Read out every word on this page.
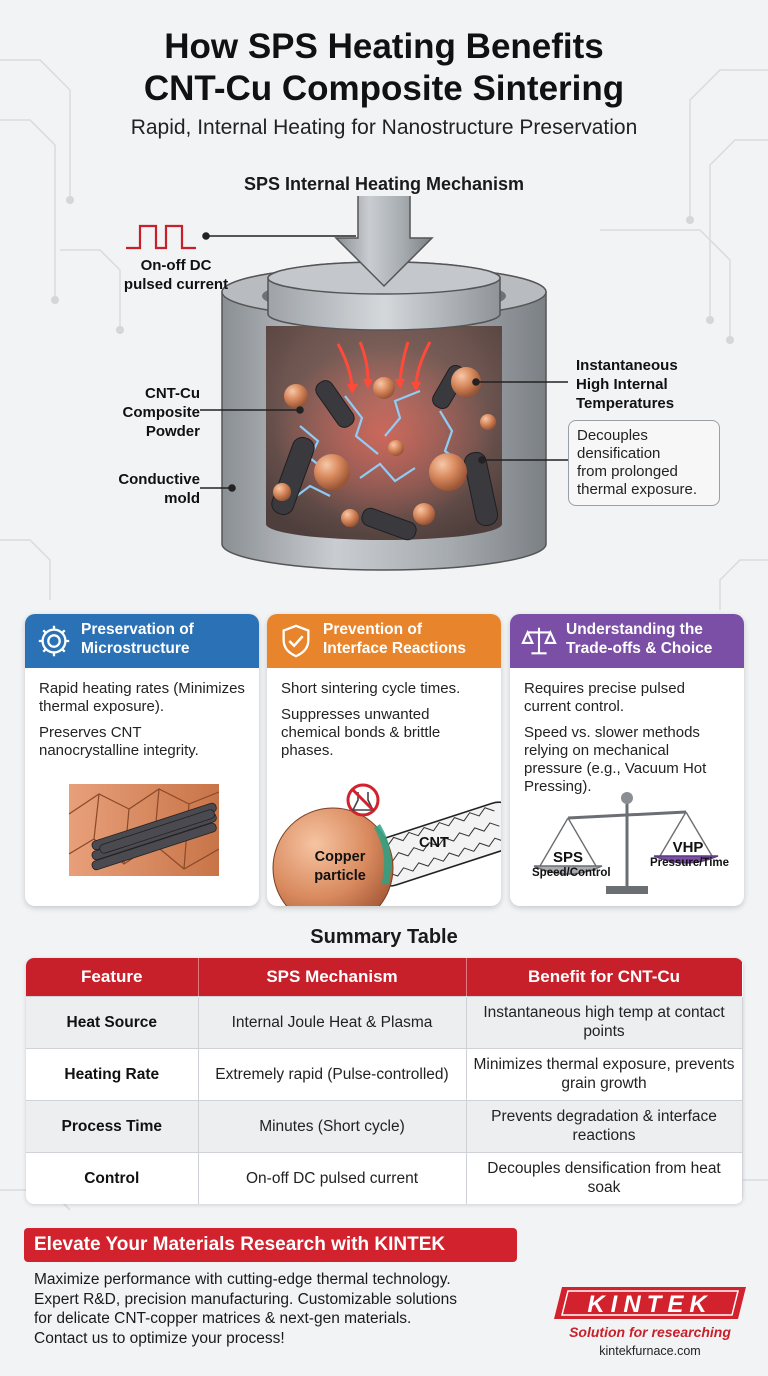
How SPS Heating Benefits
CNT-Cu Composite Sintering
Rapid, Internal Heating for Nanostructure Preservation
SPS Internal Heating Mechanism
On-off DC
pulsed current
CNT-Cu
Composite
Powder
Conductive
mold
Instantaneous
High Internal
Temperatures
Decouples
densification
from prolonged
thermal exposure.
Preservation of
Microstructure

Rapid heating rates (Minimizes thermal exposure).

Preserves CNT nanocrystalline integrity.

Prevention of
Interface Reactions

Short sintering cycle times.

Suppresses unwanted chemical bonds & brittle phases.

Copper
particle
CNT
Understanding the
Trade-offs & Choice

Requires precise pulsed current control.

Speed vs. slower methods relying on mechanical pressure (e.g., Vacuum Hot Pressing).

SPS
Speed/Control
VHP
Pressure/Time
Summary Table
Feature	SPS Mechanism	Benefit for CNT-Cu
Heat Source	Internal Joule Heat & Plasma	Instantaneous high temp at contact points
Heating Rate	Extremely rapid (Pulse-controlled)	Minimizes thermal exposure, prevents grain growth
Process Time	Minutes (Short cycle)	Prevents degradation & interface reactions
Control	On-off DC pulsed current	Decouples densification from heat soak
Elevate Your Materials Research with KINTEK
Maximize performance with cutting-edge thermal technology.
Expert R&D, precision manufacturing. Customizable solutions
for delicate CNT-copper matrices & next-gen materials.
Contact us to optimize your process!
KINTEK
Solution for researching
kintekfurnace.com
